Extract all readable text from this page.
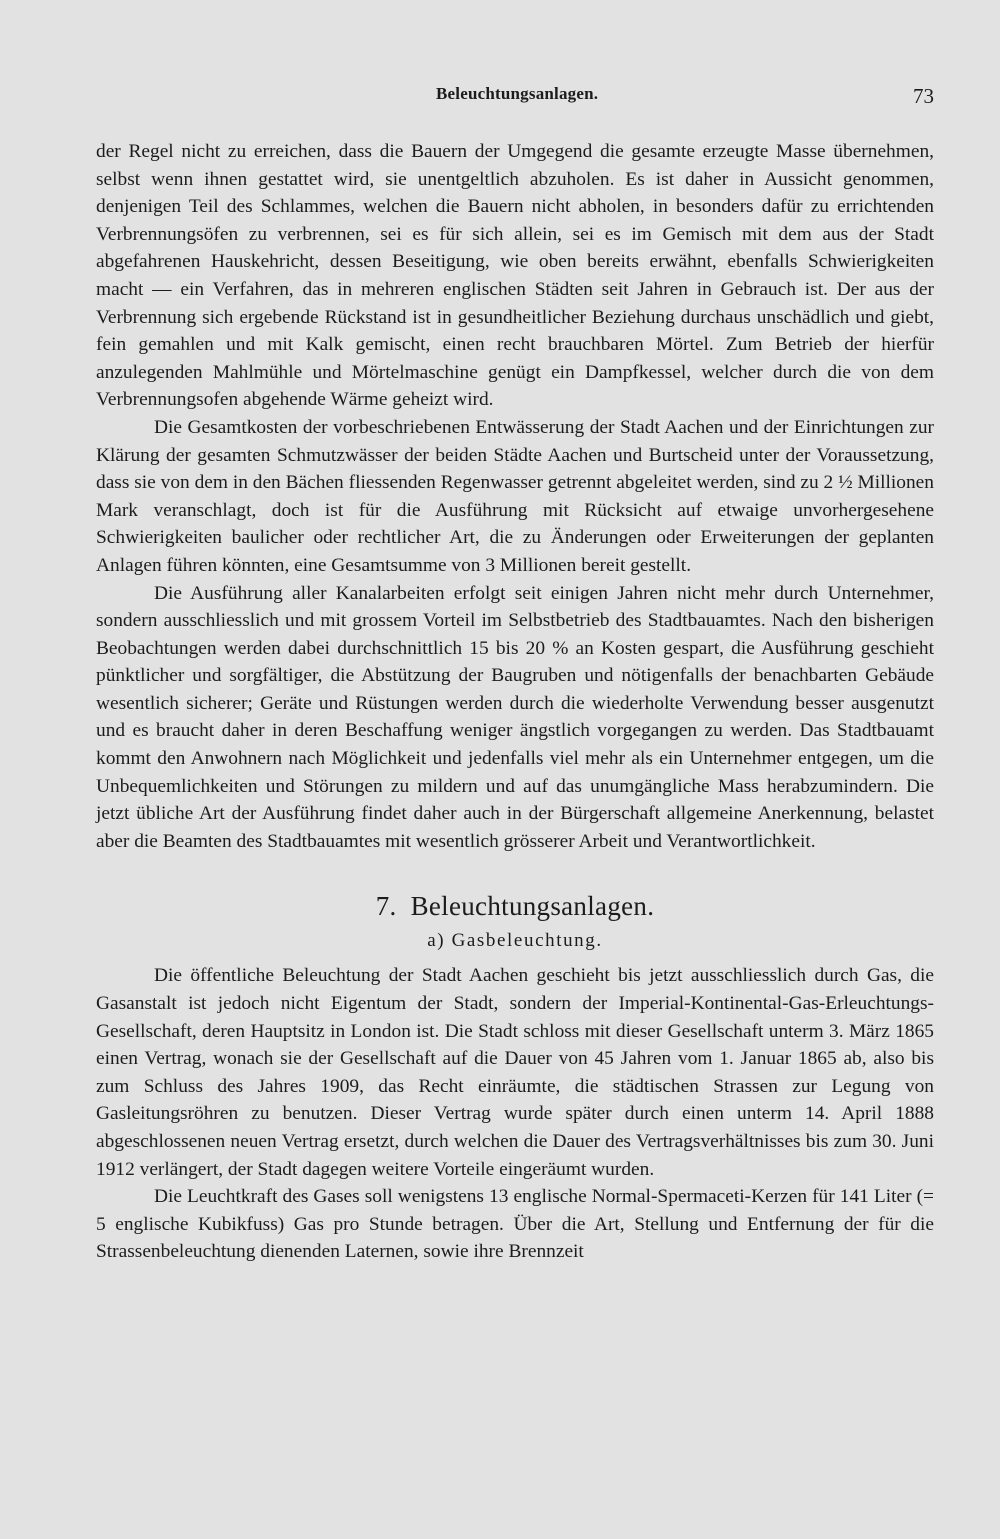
Beleuchtungsanlagen.	73

der Regel nicht zu erreichen, dass die Bauern der Umgegend die gesamte erzeugte Masse übernehmen, selbst wenn ihnen gestattet wird, sie unentgeltlich abzuholen. Es ist daher in Aussicht genommen, denjenigen Teil des Schlammes, welchen die Bauern nicht abholen, in besonders dafür zu errichtenden Verbrennungsöfen zu verbrennen, sei es für sich allein, sei es im Gemisch mit dem aus der Stadt abgefahrenen Hauskehricht, dessen Beseitigung, wie oben bereits erwähnt, ebenfalls Schwierigkeiten macht — ein Verfahren, das in mehreren englischen Städten seit Jahren in Gebrauch ist. Der aus der Verbrennung sich ergebende Rückstand ist in gesundheitlicher Beziehung durchaus unschädlich und giebt, fein gemahlen und mit Kalk gemischt, einen recht brauchbaren Mörtel. Zum Betrieb der hierfür anzulegenden Mahlmühle und Mörtelmaschine genügt ein Dampfkessel, welcher durch die von dem Verbrennungsofen abgehende Wärme geheizt wird.

Die Gesamtkosten der vorbeschriebenen Entwässerung der Stadt Aachen und der Einrichtungen zur Klärung der gesamten Schmutzwässer der beiden Städte Aachen und Burtscheid unter der Voraussetzung, dass sie von dem in den Bächen fliessenden Regenwasser getrennt abgeleitet werden, sind zu 2 ½ Millionen Mark veranschlagt, doch ist für die Ausführung mit Rücksicht auf etwaige unvorhergesehene Schwierigkeiten baulicher oder rechtlicher Art, die zu Änderungen oder Erweiterungen der geplanten Anlagen führen könnten, eine Gesamtsumme von 3 Millionen bereit gestellt.

Die Ausführung aller Kanalarbeiten erfolgt seit einigen Jahren nicht mehr durch Unternehmer, sondern ausschliesslich und mit grossem Vorteil im Selbstbetrieb des Stadtbauamtes. Nach den bisherigen Beobachtungen werden dabei durchschnittlich 15 bis 20 % an Kosten gespart, die Ausführung geschieht pünktlicher und sorgfältiger, die Abstützung der Baugruben und nötigenfalls der benachbarten Gebäude wesentlich sicherer; Geräte und Rüstungen werden durch die wiederholte Verwendung besser ausgenutzt und es braucht daher in deren Beschaffung weniger ängstlich vorgegangen zu werden. Das Stadtbauamt kommt den Anwohnern nach Möglichkeit und jedenfalls viel mehr als ein Unternehmer entgegen, um die Unbequemlichkeiten und Störungen zu mildern und auf das unumgängliche Mass herabzumindern. Die jetzt übliche Art der Ausführung findet daher auch in der Bürgerschaft allgemeine Anerkennung, belastet aber die Beamten des Stadtbauamtes mit wesentlich grösserer Arbeit und Verantwortlichkeit.

7. Beleuchtungsanlagen.
a) Gasbeleuchtung.

Die öffentliche Beleuchtung der Stadt Aachen geschieht bis jetzt ausschliesslich durch Gas, die Gasanstalt ist jedoch nicht Eigentum der Stadt, sondern der Imperial-Kontinental-Gas-Erleuchtungs-Gesellschaft, deren Hauptsitz in London ist. Die Stadt schloss mit dieser Gesellschaft unterm 3. März 1865 einen Vertrag, wonach sie der Gesellschaft auf die Dauer von 45 Jahren vom 1. Januar 1865 ab, also bis zum Schluss des Jahres 1909, das Recht einräumte, die städtischen Strassen zur Legung von Gasleitungsröhren zu benutzen. Dieser Vertrag wurde später durch einen unterm 14. April 1888 abgeschlossenen neuen Vertrag ersetzt, durch welchen die Dauer des Vertragsverhältnisses bis zum 30. Juni 1912 verlängert, der Stadt dagegen weitere Vorteile eingeräumt wurden.

Die Leuchtkraft des Gases soll wenigstens 13 englische Normal-Spermaceti-Kerzen für 141 Liter (= 5 englische Kubikfuss) Gas pro Stunde betragen. Über die Art, Stellung und Entfernung der für die Strassenbeleuchtung dienenden Laternen, sowie ihre Brennzeit
